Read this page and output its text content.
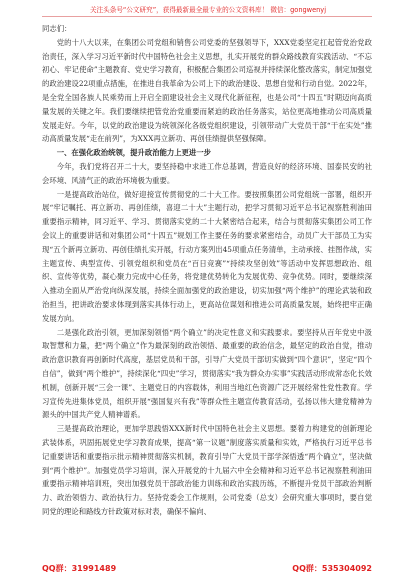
关注头条号“公文研究”，获得最新最全最专业的公文资料库！ 微信：gongwenyj

同志们：

党的十八大以来，在集团公司党组和销售公司党委的坚强领导下，XXX党委坚定扛起管党治党政治责任，深入学习习近平新时代中国特色社会主义思想，扎实开展党的群众路线教育实践活动、“不忘初心、牢记使命”主题教育、党史学习教育，积极配合集团公司巡视并持续深化整改落实，制定加强党的政治建设22项重点措施，在推进自我革命为公司上下的政治建设、思想自觉和行动自觉。2022年，是全党全国各族人民乘势而上开启全面建设社会主义现代化新征程，也是公司“十四五”时期迈向高质量发展的关键之年。我们要继续把管党治党重要而紧迫的政治任务落实，站位更高地推动公司高质量发展走好。今年，以党的政治建设为统领深化各级党组织建设，引领带动广大党员干部“干在实处”推动高质量发展“走在前列”，为XXX再立新功、再创佳绩提供坚强保障。

一、在强化政治统领，提升政治能力上更进一步

今年，我们党将召开二十大，要坚持稳中求进工作总基调，营造良好的经济环境、国泰民安的社会环境、风清气正的政治环境极为重要。

一是提高政治站位，做好迎接宣传贯彻党的二十大工作。要按照集团公司党组统一部署，组织开展“牢记嘱托、再立新功、再创佳绩，喜迎二十大”主题行动，把学习贯彻习近平总书记视察胜利油田重要指示精神，同习近平、学习、贯彻落实党的二十大紧密结合起来，结合与贯彻落实集团公司工作会议上的重要讲话和对集团公司“十四五”规划工作主要任务的要求紧密结合，动员广大干部员工为实现“五个新再立新功、再创佳绩扎实开展，行动方案列出45项重点任务清单，主动承接、挂图作战，实主题宣传、典型宣传、引领党组织和党员在“百日竞赛”“持续攻坚创效”等活动中发挥思想政治、组织、宣传等优势，凝心聚力完成中心任务，将党建优势转化为发展优势、竞争优势。同时，要继续深入推动全面从严治党向纵深发展，持续全面加强党的政治建设，切实加强“两个维护”的理论武装和政治担当，把讲政治要求体现到落实具体行动上，更高站位谋划和推进公司高质量发展，始终把牢正确发展方向。

二是强化政治引领，更加深刻领悟“两个确立”的决定性意义和实践要求。要坚持从百年党史中汲取智慧和力量，把“两个确立”作为最深刻的政治领悟、最重要的政治信念，最坚定的政治自觉，推动政治意识教育再创新时代高度，基层党员和干部，引导广大党员干部切实做到“四个意识”，坚定“四个自信”，做到“两个维护”，持续深化“四史”学习，贯彻落实“我为群众办实事”实践活动形成常态化长效机制，创新开展“三会一课”、主题党日的内容载体，利用当地红色资源广泛开展经常性党性教育。学习宣传先进集体党员，组织开展“强国复兴有我”等群众性主题宣传教育活动，弘扬以伟大建党精神为源头的中国共产党人精神谱系。

三是提高政治理论，更加学思践悟XXX新时代中国特色社会主义思想。要着力构建党的创新理论武装体系，巩固拓展党史学习教育成果，提高“第一议题”制度落实质量和实效，严格执行习近平总书记重要讲话和重要指示批示精神贯彻落实机制，教育引导广大党员干部学深悟透“两个确立”，坚决做到“两个维护”。加强党员学习培训，深入开展党的十九届六中全会精神和习近平总书记视察胜利油田重要指示精神培训班，突出加强党员干部政治能力训练和政治实践历练，不断提升党员干部政治判断力、政治领悟力、政治执行力。坚持党委会工作规则，公司党委（总支）会研究重大事项时，要自觉同党的理论和路线方针政策对标对表，确保不偏向、

QQ群：31991489	QQ群：535304092
